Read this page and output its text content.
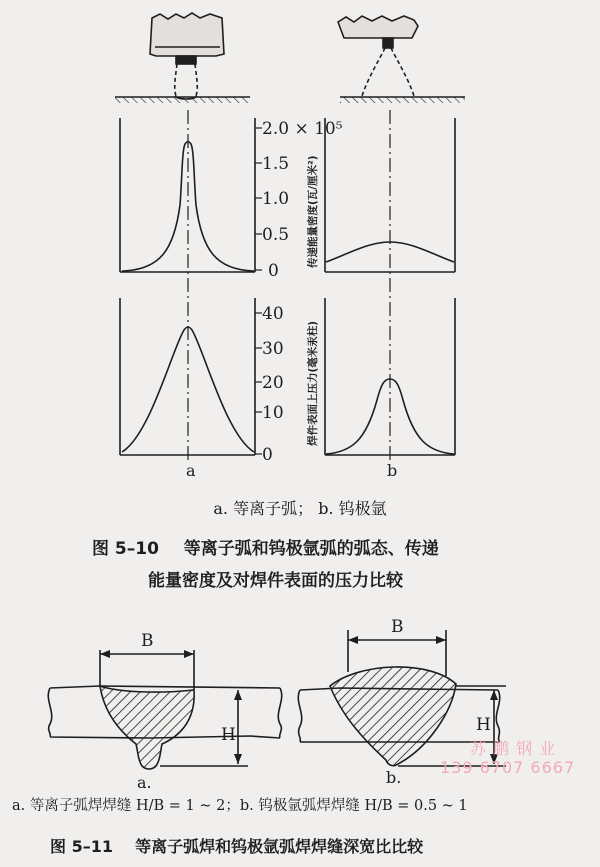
0
0.5
1.0
1.5
2.0 × 10⁵
0
10
20
30
40
传递能量密度(瓦/厘米²)
焊件表面上压力(毫米汞柱)
a	b
B
H
a.
B
H
b.
a. 等离子弧； b. 钨极氩
图 5–10 等离子弧和钨极氩弧的弧态、传递
能量密度及对焊件表面的压力比较
a. 等离子弧焊焊缝 H/B = 1 ~ 2；b. 钨极氩弧焊焊缝 H/B = 0.5 ~ 1
图 5–11 等离子弧焊和钨极氩弧焊焊缝深宽比比较
苏 鹏 钢 业
139 6707 6667
